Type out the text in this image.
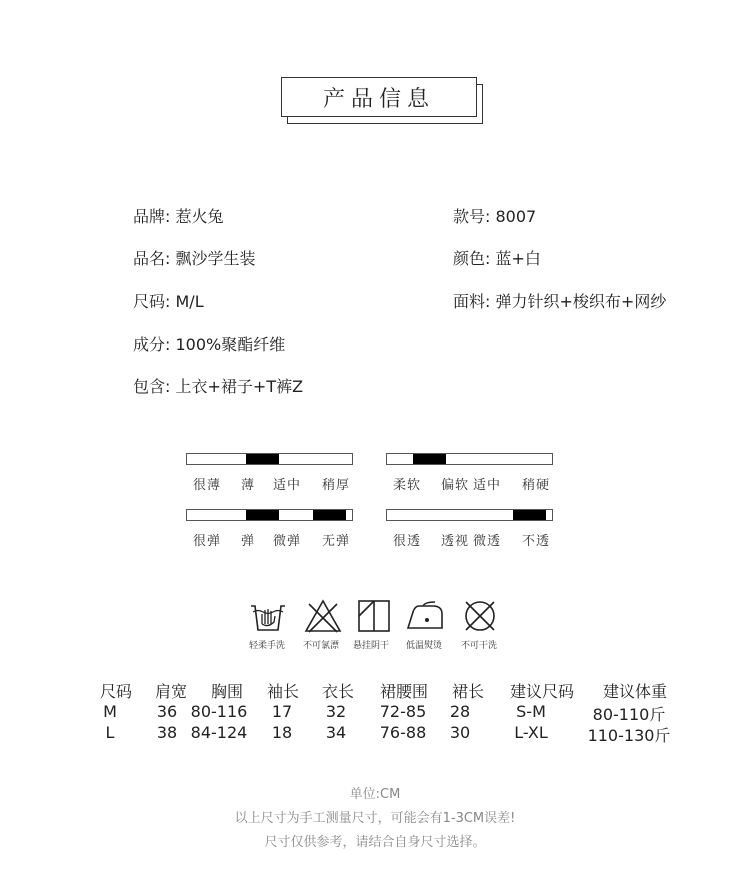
产品信息
品牌: 惹火兔	款号: 8007
品名: 飘沙学生装	颜色: 蓝+白
尺码: M/L	面料: 弹力针织+梭织布+网纱
成分: 100%聚酯纤维
包含: 上衣+裙子+T裤Z
轻柔手洗 不可氯漂 悬挂阴干 低温熨烫 不可干洗
尺码 肩宽 胸围 袖长 衣长 裙腰围 裙长 建议尺码 建议体重
M 36 80-116 17 32 72-85 28	S-M	80-110斤
L	38 84-124 18 34 76-88 30	L-XL 110-130斤
单位:CM
以上尺寸为手工测量尺寸，可能会有1-3CM误差!
尺寸仅供参考，请结合自身尺寸选择。
很薄 薄 适中 稍厚	柔软 偏软 适中 稍硬
很弹 弹 微弹 无弹	很透 透视 微透 不透
